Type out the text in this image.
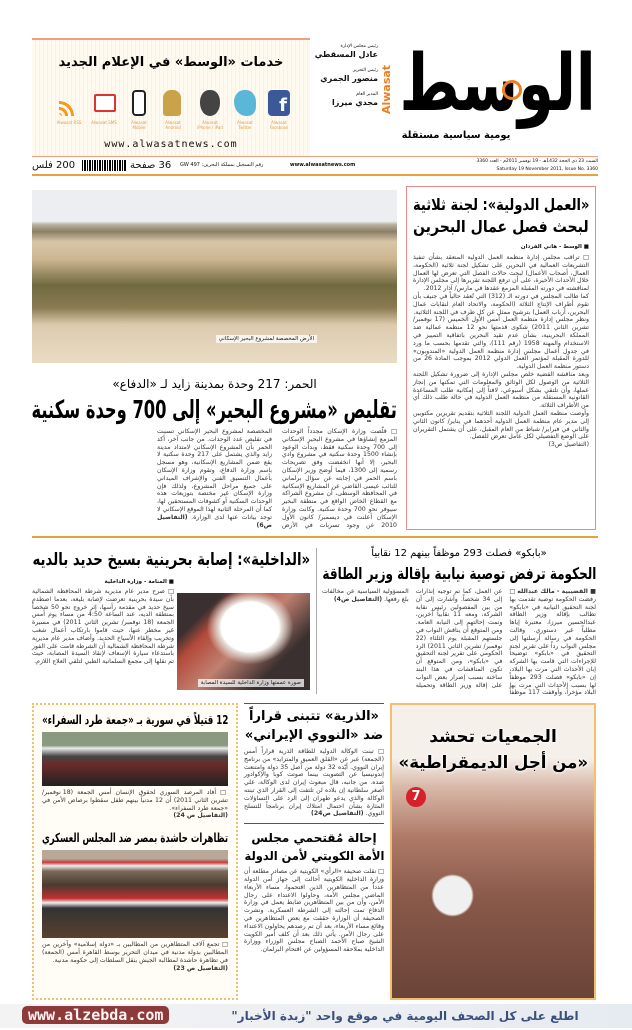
خدمات «الوسط» في الإعلام الجديد
f
Alwasat Facebook
Alwasat Twitter
Alwasat iPhone / iPad
Alwasat Android
Alwasat Mobile
Alwasat SMS
Alwasat RSS
www.alwasatnews.com
رئيس مجلس الإدارة
عادل المسقطي
رئيس التحرير
منصور الجمري
المدير العام
مجدي ميرزا Alwasat الوسط
يومية سياسية مستقلة
200 فلس	36 صفحة رقم التسجيل بمملكة البحرين: 497 GW	www.alwasatnews.com
Saturday 19 November 2011, Issue No. 3360
السبت 23 ذي الحجة 1432هـ - 19 نوفمبر 2011م - العدد 3360
الأرض المخصصة لمشروع البحير الإسكاني
الحمر: 217 وحدة بمدينة زايد لـ «الدفاع»
تقليص «مشروع البحير» إلى 700 وحدة سكنية
□ قلّصت وزارة الإسكان مجدداً الوحدات المزمع إنشاؤها في مشروع البحير الإسكاني إلى 700 وحدة سكنية فقط، وبدأت الوعود بإنشاء 1500 وحدة سكنية في مشروع وادي البحير، إلا أنها انخفضت وفق تصريحات رسمية إلى 1300، فيما أوضح وزير الإسكان باسم الحمر في إجابته عن سؤال برلماني للنائب عيسى القاضي عن المشاريع الإسكانية في المحافظة الوسطى، أن مشروع الشراكة مع القطاع الخاص الواقع في منطقة البحير سيوفر نحو 700 وحدة سكنية. وكانت وزارة الإسكان أعلنت في ديسمبر/ كانون الأول 2010 عن وجود تسربات في الأرض المخصصة لمشروع البحير الإسكاني تسببت في تقليص عدد الوحدات. من جانب آخر، أكد الحمر بأن المشروع الإسكاني لامتداد مدينة زايد والذي يشتمل على 217 وحدة سكنية لا يقع ضمن المشاريع الإسكانية، وهو مسجل باسم وزارة الدفاع، وتقوم وزارة الإسكان بأعمال التنسيق الفني والإشراف الميداني على جميع مراحل المشروع، ولذلك فإن وزارة الإسكان غير مختصة بتوزيعات هذه الوحدات السكنية أو كشوفات المستحقين لها، كما أن المرحلة الثانية لهذا الموقع الإسكاني لا توجد بيانات عنها لدى الوزارة. (التفاصيل ص6)
«العمل الدولية»: لجنة ثلاثية
لبحث فصل عمال البحرين
■ الوسط - هاني الفردان

□ تراقب مجلس إدارة منظمة العمل الدولية المنعقد بشأن تنفيذ التشريعات العمالية في البحرين على تشكيل لجنة ثلاثية (الحكومة، العمال، أصحاب الأعمال) لبحث حالات الفصل التي تعرض لها العمال خلال الأحداث الأخيرة، على أن ترفع اللجنة تقريرها إلى مجلس الإدارة لمناقشته في دورته المقبلة المزمع عقدها في مارس/ آذار 2012.

كما طالب المجلس في دورته الـ (312) التي تُعقد حالياً في جنيف بأن تقوم أطراف الإنتاج الثلاثة (الحكومة، والاتحاد العام لنقابات عمال البحرين، أرباب العمل) بترشيح ممثل عن كل طرف في اللجنة الثلاثية.

ونظر مجلس إدارة منظمة العمل أمس الأول الخميس (17 نوفمبر/ تشرين الثاني 2011) شكوى قدمتها نحو 12 منظمة عمالية ضد المملكة البحرينية، بشأن عدم تقيد البحرين باتفاقية التمييز في الاستخدام والمهنة 1958 (رقم 111)، والتي تقدمها بحسب ما ورد في جدول أعمال مجلس إدارة منظمة العمل الدولية «المندوبون» للدورة المقبلة لمؤتمر العمل الدولي 2012 بموجب المادة 26 من دستور منظمة العمل الدولية.

وبعد مناقشة القضية خلص مجلس الإدارة إلى ضرورة تشكيل اللجنة الثلاثية من الوصول لكل الوثائق والمعلومات التي تمكنها من إنجاز عملها، وأن تلتقي بشكل أسبوعي، لافتاً إلى إمكانية طلب المساعدة القانونية المستقلة من منظمة العمل الدولية في حالة طلب ذلك أي من الأطراف الثلاثة.

وأوصت منظمة العمل الدولية اللجنة الثلاثية بتقديم تقريرين مكتوبين إلى مدير عام منظمة العمل الدولية أحدهما في يناير/ كانون الثاني والثاني في فبراير/ شباط من العام المقبل، على أن يشتمل التقريران على الوضع التفصيلي لكل عامل تعرض للفصل.

(التفاصيل ص3)

«الداخلية»: إصابة بحرينية بسيخ حديد بالديه
صورة عممتها وزارة الداخلية للسيدة المصابة
■ المنامة - وزارة الداخلية
□ صرح مدير عام مديرية شرطة المحافظة الشمالية بأن سيدة بحرينية تعرضت لإصابة بليغة، بعدما اصطدم سيخ حديد في مقدمة رأسها، إثر خروج نحو 50 شخصاً بمنطقة الديه، عند الساعة 4:50 من مساء يوم أمس الجمعة (18 نوفمبر/ تشرين الثاني 2011) في مسيرة غير مخطر عنها، حيث قاموا بارتكاب أعمال شغب وتخريب وإلقاء الأسياخ الحديد. وأضاف مدير عام مديرية شرطة المحافظة الشمالية أن الشرطة قامت على الفور باستدعاء سيارة الإسعاف لإنقاذ السيدة المصابة، حيث تم نقلها إلى مجمع السلمانية الطبي لتلقي العلاج اللازم.
«بابكو» فصلت 293 موظفاً بينهم 12 نقابياً
الحكومة ترفض توصية نيابية بإقالة وزير الطاقة
■ القضيبية - مالك عبدالله □ رفضت الحكومة توصية تقدمت بها لجنة التحقيق النيابية في «بابكو» تطالب بإقالة وزير الطاقة عبدالحسين ميرزا، معتبرة إياها مطلباً غير دستوري. وقالت الحكومة في رسالة أرسلتها إلى مجلس النواب رداً على تقرير لجنة التحقيق في «بابكو» توضيحاً للإجراءات التي قامت بها الشركة إبان الأحداث التي مرت بها البلاد، إن «بابكو» فصلت 293 موظفاً لها بسبب الأحداث التي مرت بها البلاد مؤخراً، وأوقفت 117 موظفاً عن العمل، كما تم توجيه إنذارات إلى 34 شخصاً. وأشارت إلى أن من بين المفصولين رئيس نقابة الشركة، ومعه 11 نقابياً آخرين، وتمت إحالتهم إلى النيابة العامة. ومن المتوقع أن يناقش النواب في جلستهم المقبلة يوم الثلثاء (22 نوفمبر/ تشرين الثاني 2011) الرد الحكومي على تقرير لجنة التحقيق في «بابكو»، ومن المتوقع أن تكون المناقشات في هذا البند ساخنة بسبب إصرار بعض النواب على إقالة وزير الطاقة وتحميله المسؤولية السياسية عن مخالفات بلغ رفعها. (التفاصيل ص4)
12 قتيلاً في سورية بـ «جمعة طرد السفراء»
□ أفاد المرصد السوري لحقوق الإنسان أمس الجمعة (18 نوفمبر/ تشرين الثاني 2011) أن 12 مدنياً بينهم طفل سقطوا برصاص الأمن في «جمعة طرد السفراء».
(التفاصيل ص 24)
تظاهرات حاشدة بمصر ضد المجلس العسكري
□ تجمع آلاف المتظاهرين من المطالبين بـ «دولة إسلامية» وآخرين من المطالبين بدولة مدنية في ميدان التحرير بوسط القاهرة أمس (الجمعة) في تظاهرة حاشدة لمطالبة الجيش بنقل السلطات إلى حكومة مدنية.
(التفاصيل ص 23)
«الذرية» تتبنى قراراً
ضد «النووي الإيراني»
□ تبنت الوكالة الدولية للطاقة الذرية قراراً أمس (الجمعة) عبر عن «القلق العميق والمتزايد» من برنامج إيران النووي. أيّده 32 دولة من أصل 35 دولة وامتنعت إندونيسيا عن التصويت بينما صوتت كوبا والإكوادور ضده. من جانبه، قال مبعوث إيران لدى الوكالة، علي أصغر سلطانية إن بلاده لن تلتفت إلى القرار الذي تبنته الوكالة والذي يدعو طهران إلى الرد على التساؤلات المثارة بشأن احتمال امتلاك إيران برنامجاً للتسلح النووي. (التفاصيل ص24)
إحالة مُقتحمي مجلس
الأمة الكويتي لأمن الدولة
□ نقلت صحيفة «الرأي» الكويتية عن مصادر مطلعة أن وزارة الداخلية الكويتية أحالت إلى جهاز أمن الدولة عدداً من المتظاهرين الذين اقتحموا، مساء الأربعاء الماضي مجلس الأمة، وحاولوا الاعتداء على رجال الأمن، وأن من بين المتظاهرين ضابط يعمل في وزارة الدفاع تمت إحالته إلى الشرطة العسكرية. ونشرت الصحيفة أن الوزارة حققت مع بعض المتظاهرين في وقائع مساء الأربعاء، بعد أن تم رصدهم يحاولون الاعتداء على رجال الأمن. يأتي ذلك بعد أن كلف أمير الكويت الشيخ صباح الأحمد الصباح مجلس الوزراء ووزارة الداخلية بملاحقة المسؤولين عن اقتحام البرلمان.
الجمعيات تحشد
«من أجل الديمقراطية»
7
www.alzebda.com	اطلع على كل الصحف اليومية في موقع واحد "زبدة الأخبار"
